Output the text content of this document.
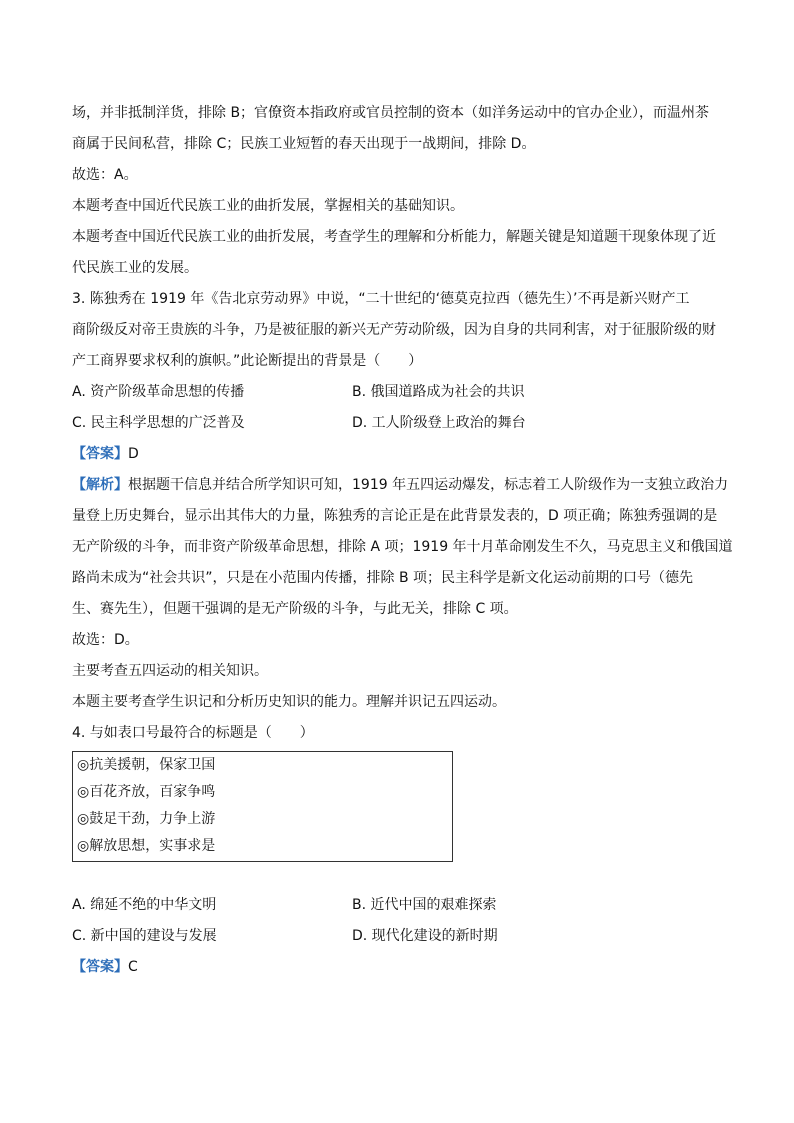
场，并非抵制洋货，排除 B；官僚资本指政府或官员控制的资本（如洋务运动中的官办企业），而温州茶

商属于民间私营，排除 C；民族工业短暂的春天出现于一战期间，排除 D。

故选：A。

本题考查中国近代民族工业的曲折发展，掌握相关的基础知识。

本题考查中国近代民族工业的曲折发展，考查学生的理解和分析能力，解题关键是知道题干现象体现了近

代民族工业的发展。

3. 陈独秀在 1919 年《告北京劳动界》中说，“二十世纪的‘德莫克拉西（德先生）’不再是新兴财产工

商阶级反对帝王贵族的斗争，乃是被征服的新兴无产劳动阶级，因为自身的共同利害，对于征服阶级的财

产工商界要求权利的旗帜。”此论断提出的背景是（　　）

A. 资产阶级革命思想的传播	B. 俄国道路成为社会的共识
C. 民主科学思想的广泛普及	D. 工人阶级登上政治的舞台

【答案】D

【解析】根据题干信息并结合所学知识可知，1919 年五四运动爆发，标志着工人阶级作为一支独立政治力

量登上历史舞台，显示出其伟大的力量，陈独秀的言论正是在此背景发表的，D 项正确；陈独秀强调的是

无产阶级的斗争，而非资产阶级革命思想，排除 A 项；1919 年十月革命刚发生不久，马克思主义和俄国道

路尚未成为“社会共识”，只是在小范围内传播，排除 B 项；民主科学是新文化运动前期的口号（德先

生、赛先生），但题干强调的是无产阶级的斗争，与此无关，排除 C 项。

故选：D。

主要考查五四运动的相关知识。

本题主要考查学生识记和分析历史知识的能力。理解并识记五四运动。

4. 与如表口号最符合的标题是（　　）

◎抗美援朝，保家卫国
◎百花齐放，百家争鸣
◎鼓足干劲，力争上游
◎解放思想，实事求是
A. 绵延不绝的中华文明	B. 近代中国的艰难探索
C. 新中国的建设与发展	D. 现代化建设的新时期

【答案】C
